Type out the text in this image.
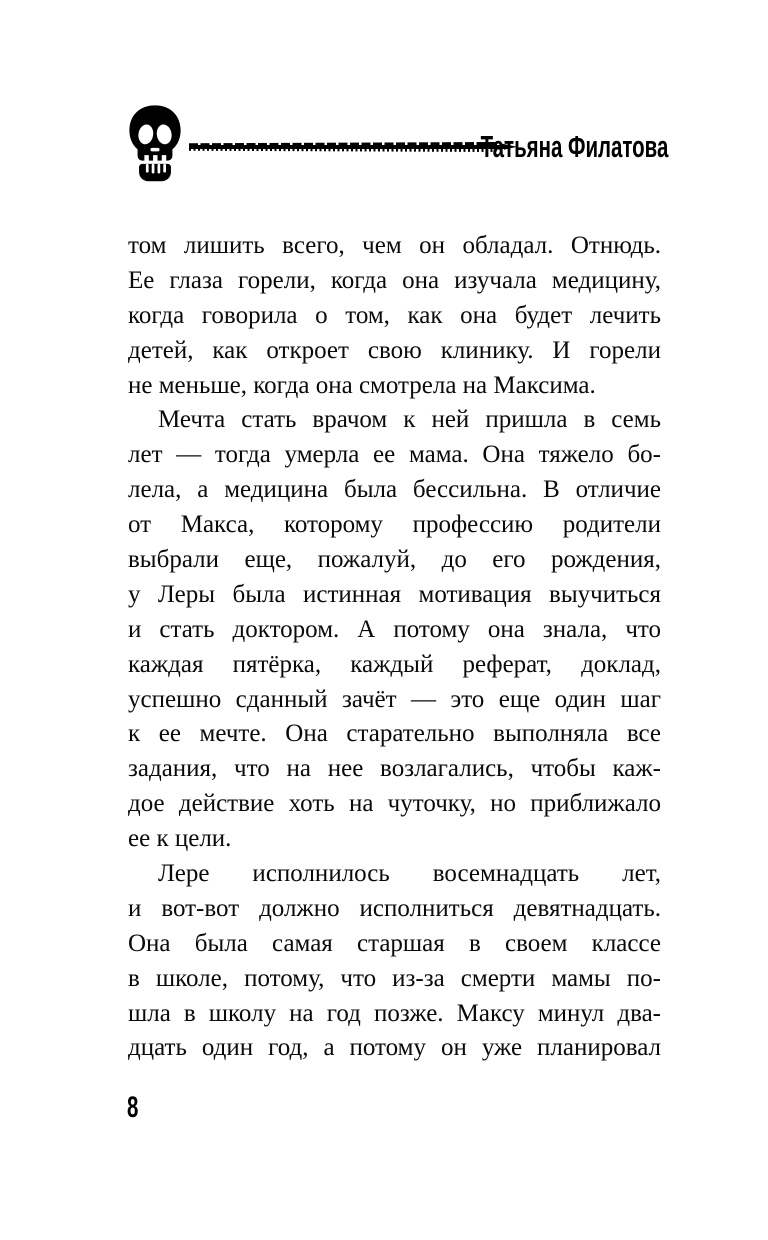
Татьяна Филатова
том лишить всего, чем он обладал. Отнюдь.
Ее глаза горели, когда она изучала медицину,
когда говорила о том, как она будет лечить
детей, как откроет свою клинику. И горели
не меньше, когда она смотрела на Максима.
Мечта стать врачом к ней пришла в семь
лет — тогда умерла ее мама. Она тяжело бо-
лела, а медицина была бессильна. В отличие
от Макса, которому профессию родители
выбрали еще, пожалуй, до его рождения,
у Леры была истинная мотивация выучиться
и стать доктором. А потому она знала, что
каждая пятёрка, каждый реферат, доклад,
успешно сданный зачёт — это еще один шаг
к ее мечте. Она старательно выполняла все
задания, что на нее возлагались, чтобы каж-
дое действие хоть на чуточку, но приближало
ее к цели.
Лере исполнилось восемнадцать лет,
и вот-вот должно исполниться девятнадцать.
Она была самая старшая в своем классе
в школе, потому, что из-за смерти мамы по-
шла в школу на год позже. Максу минул два-
дцать один год, а потому он уже планировал
8
